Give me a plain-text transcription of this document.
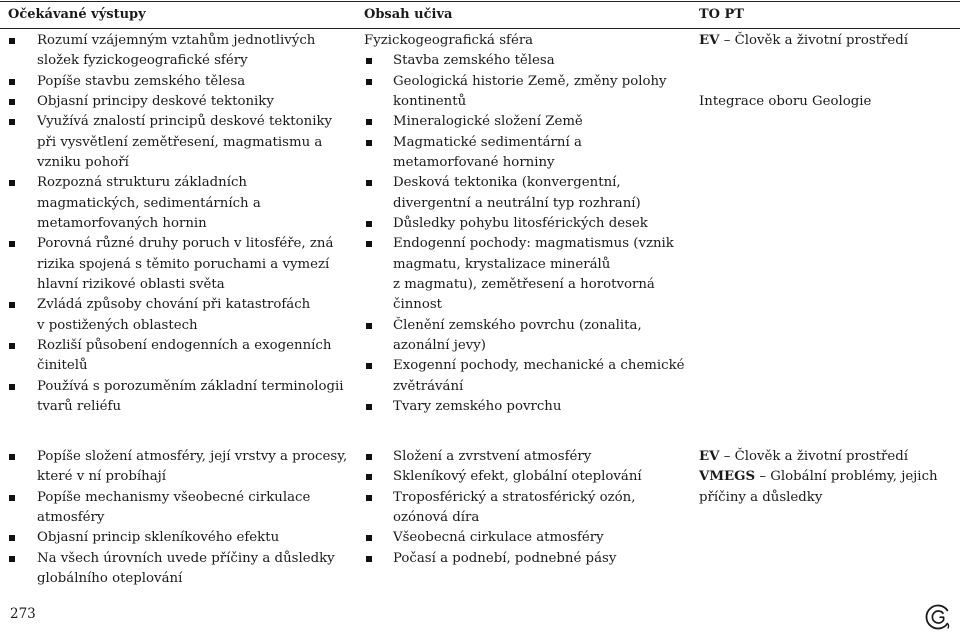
Očekávané výstupy	Obsah učiva	TO PT
Rozumí vzájemným vztahům jednotlivých
složek fyzickogeografické sféry
Popíše stavbu zemského tělesa
Objasní principy deskové tektoniky
Využívá znalostí principů deskové tektoniky
při vysvětlení zemětřesení, magmatismu a
vzniku pohoří
Rozpozná strukturu základních
magmatických, sedimentárních a
metamorfovaných hornin
Porovná různé druhy poruch v litosféře, zná
rizika spojená s těmito poruchami a vymezí
hlavní rizikové oblasti světa
Zvládá způsoby chování při katastrofách
v postižených oblastech
Rozliší působení endogenních a exogenních
činitelů
Používá s porozuměním základní terminologii
tvarů reliéfu
Fyzickogeografická sféra
Stavba zemského tělesa
Geologická historie Země, změny polohy
kontinentů
Mineralogické složení Země
Magmatické sedimentární a
metamorfované horniny
Desková tektonika (konvergentní,
divergentní a neutrální typ rozhraní)
Důsledky pohybu litosférických desek
Endogenní pochody: magmatismus (vznik
magmatu, krystalizace minerálů
z magmatu), zemětřesení a horotvorná
činnost
Členění zemského povrchu (zonalita,
azonální jevy)
Exogenní pochody, mechanické a chemické
zvětrávání
Tvary zemského povrchu
EV – Člověk a životní prostředí
Integrace oboru Geologie
Popíše složení atmosféry, její vrstvy a procesy,
které v ní probíhají
Popíše mechanismy všeobecné cirkulace
atmosféry
Objasní princip skleníkového efektu
Na všech úrovních uvede příčiny a důsledky
globálního oteplování
Složení a zvrstvení atmosféry
Skleníkový efekt, globální oteplování
Troposférický a stratosférický ozón,
ozónová díra
Všeobecná cirkulace atmosféry
Počasí a podnebí, podnebné pásy
EV – Člověk a životní prostředí
VMEGS – Globální problémy, jejich
příčiny a důsledky
273
